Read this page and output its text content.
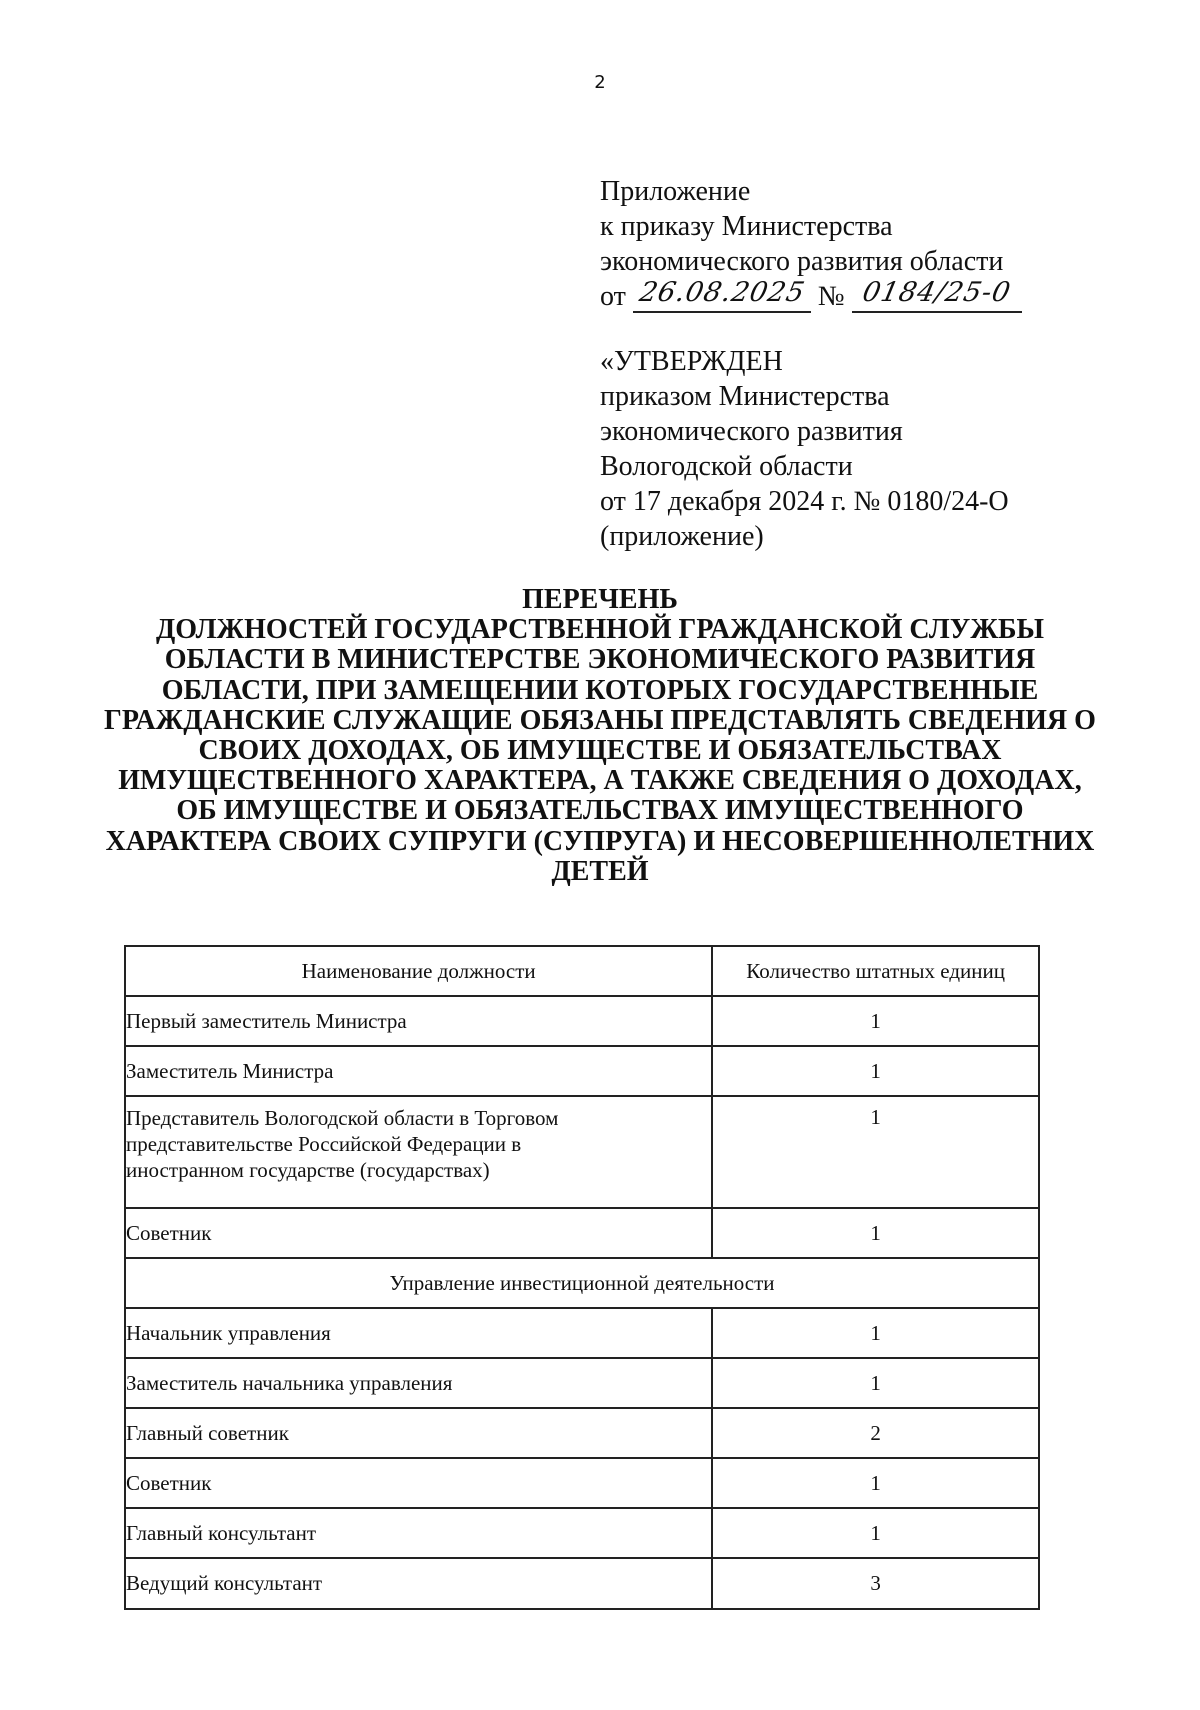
2
Приложение
к приказу Министерства
экономического развития области
от 26.08.2025 № 0184/25-0
«УТВЕРЖДЕН
приказом Министерства
экономического развития
Вологодской области
от 17 декабря 2024 г. № 0180/24-О
(приложение)
ПЕРЕЧЕНЬ
ДОЛЖНОСТЕЙ ГОСУДАРСТВЕННОЙ ГРАЖДАНСКОЙ СЛУЖБЫ
ОБЛАСТИ В МИНИСТЕРСТВЕ ЭКОНОМИЧЕСКОГО РАЗВИТИЯ
ОБЛАСТИ, ПРИ ЗАМЕЩЕНИИ КОТОРЫХ ГОСУДАРСТВЕННЫЕ
ГРАЖДАНСКИЕ СЛУЖАЩИЕ ОБЯЗАНЫ ПРЕДСТАВЛЯТЬ СВЕДЕНИЯ О
СВОИХ ДОХОДАХ, ОБ ИМУЩЕСТВЕ И ОБЯЗАТЕЛЬСТВАХ
ИМУЩЕСТВЕННОГО ХАРАКТЕРА, А ТАКЖЕ СВЕДЕНИЯ О ДОХОДАХ,
ОБ ИМУЩЕСТВЕ И ОБЯЗАТЕЛЬСТВАХ ИМУЩЕСТВЕННОГО
ХАРАКТЕРА СВОИХ СУПРУГИ (СУПРУГА) И НЕСОВЕРШЕННОЛЕТНИХ
ДЕТЕЙ
Наименование должности	Количество штатных единиц
Первый заместитель Министра	1
Заместитель Министра	1

Представитель Вологодской области в Торговом
представительстве Российской Федерации в
иностранном государстве (государствах)	1
Советник	1
Управление инвестиционной деятельности	
Начальник управления	1
Заместитель начальника управления	1
Главный советник	2
Советник	1
Главный консультант	1
Ведущий консультант	3
